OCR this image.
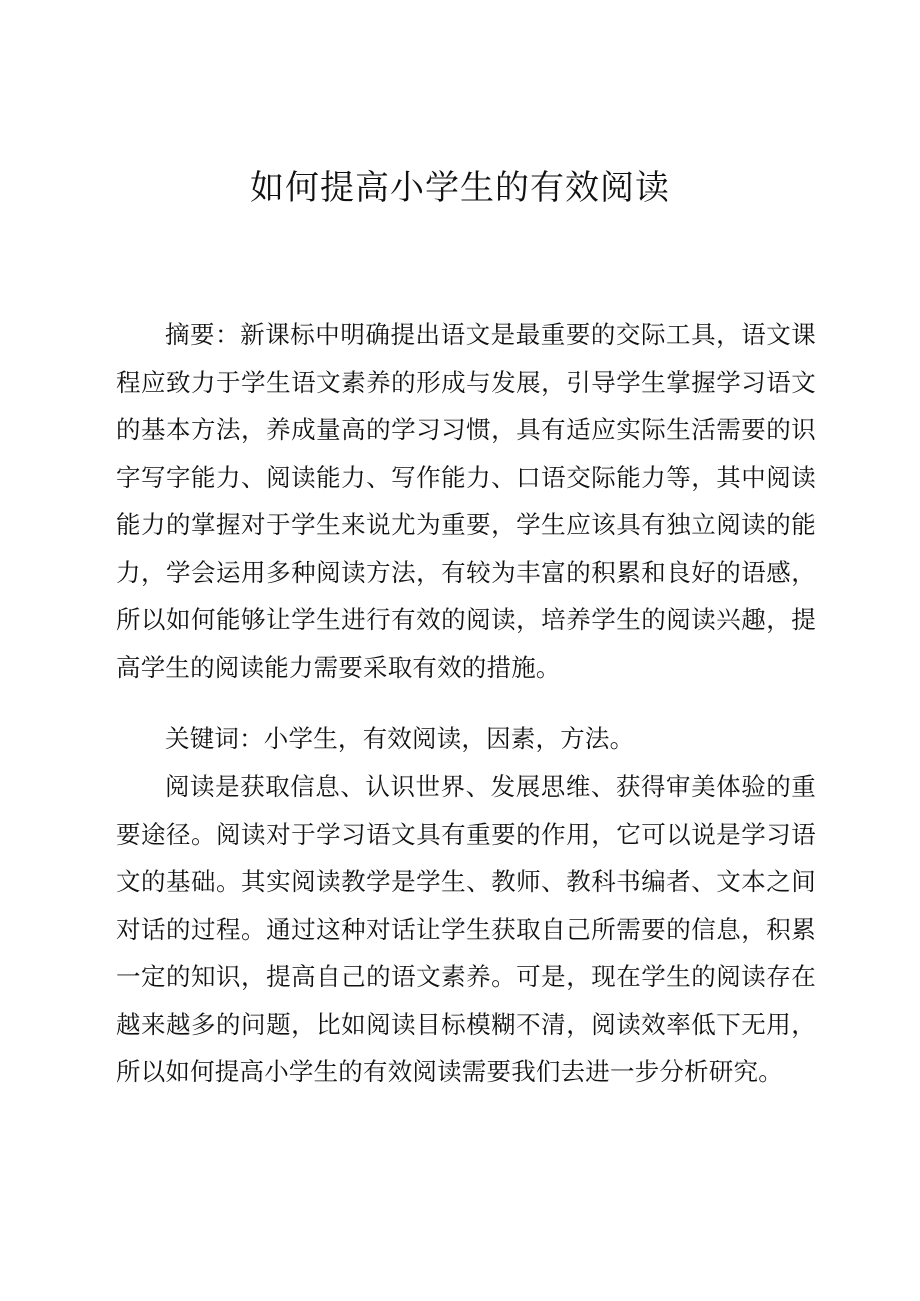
如何提高小学生的有效阅读

摘要：新课标中明确提出语文是最重要的交际工具，语文课程应致力于学生语文素养的形成与发展，引导学生掌握学习语文的基本方法，养成量高的学习习惯，具有适应实际生活需要的识字写字能力、阅读能力、写作能力、口语交际能力等，其中阅读能力的掌握对于学生来说尤为重要，学生应该具有独立阅读的能力，学会运用多种阅读方法，有较为丰富的积累和良好的语感，所以如何能够让学生进行有效的阅读，培养学生的阅读兴趣，提高学生的阅读能力需要采取有效的措施。

关键词：小学生，有效阅读，因素，方法。

阅读是获取信息、认识世界、发展思维、获得审美体验的重要途径。阅读对于学习语文具有重要的作用，它可以说是学习语文的基础。其实阅读教学是学生、教师、教科书编者、文本之间对话的过程。通过这种对话让学生获取自己所需要的信息，积累一定的知识，提高自己的语文素养。可是，现在学生的阅读存在越来越多的问题，比如阅读目标模糊不清，阅读效率低下无用，所以如何提高小学生的有效阅读需要我们去进一步分析研究。
